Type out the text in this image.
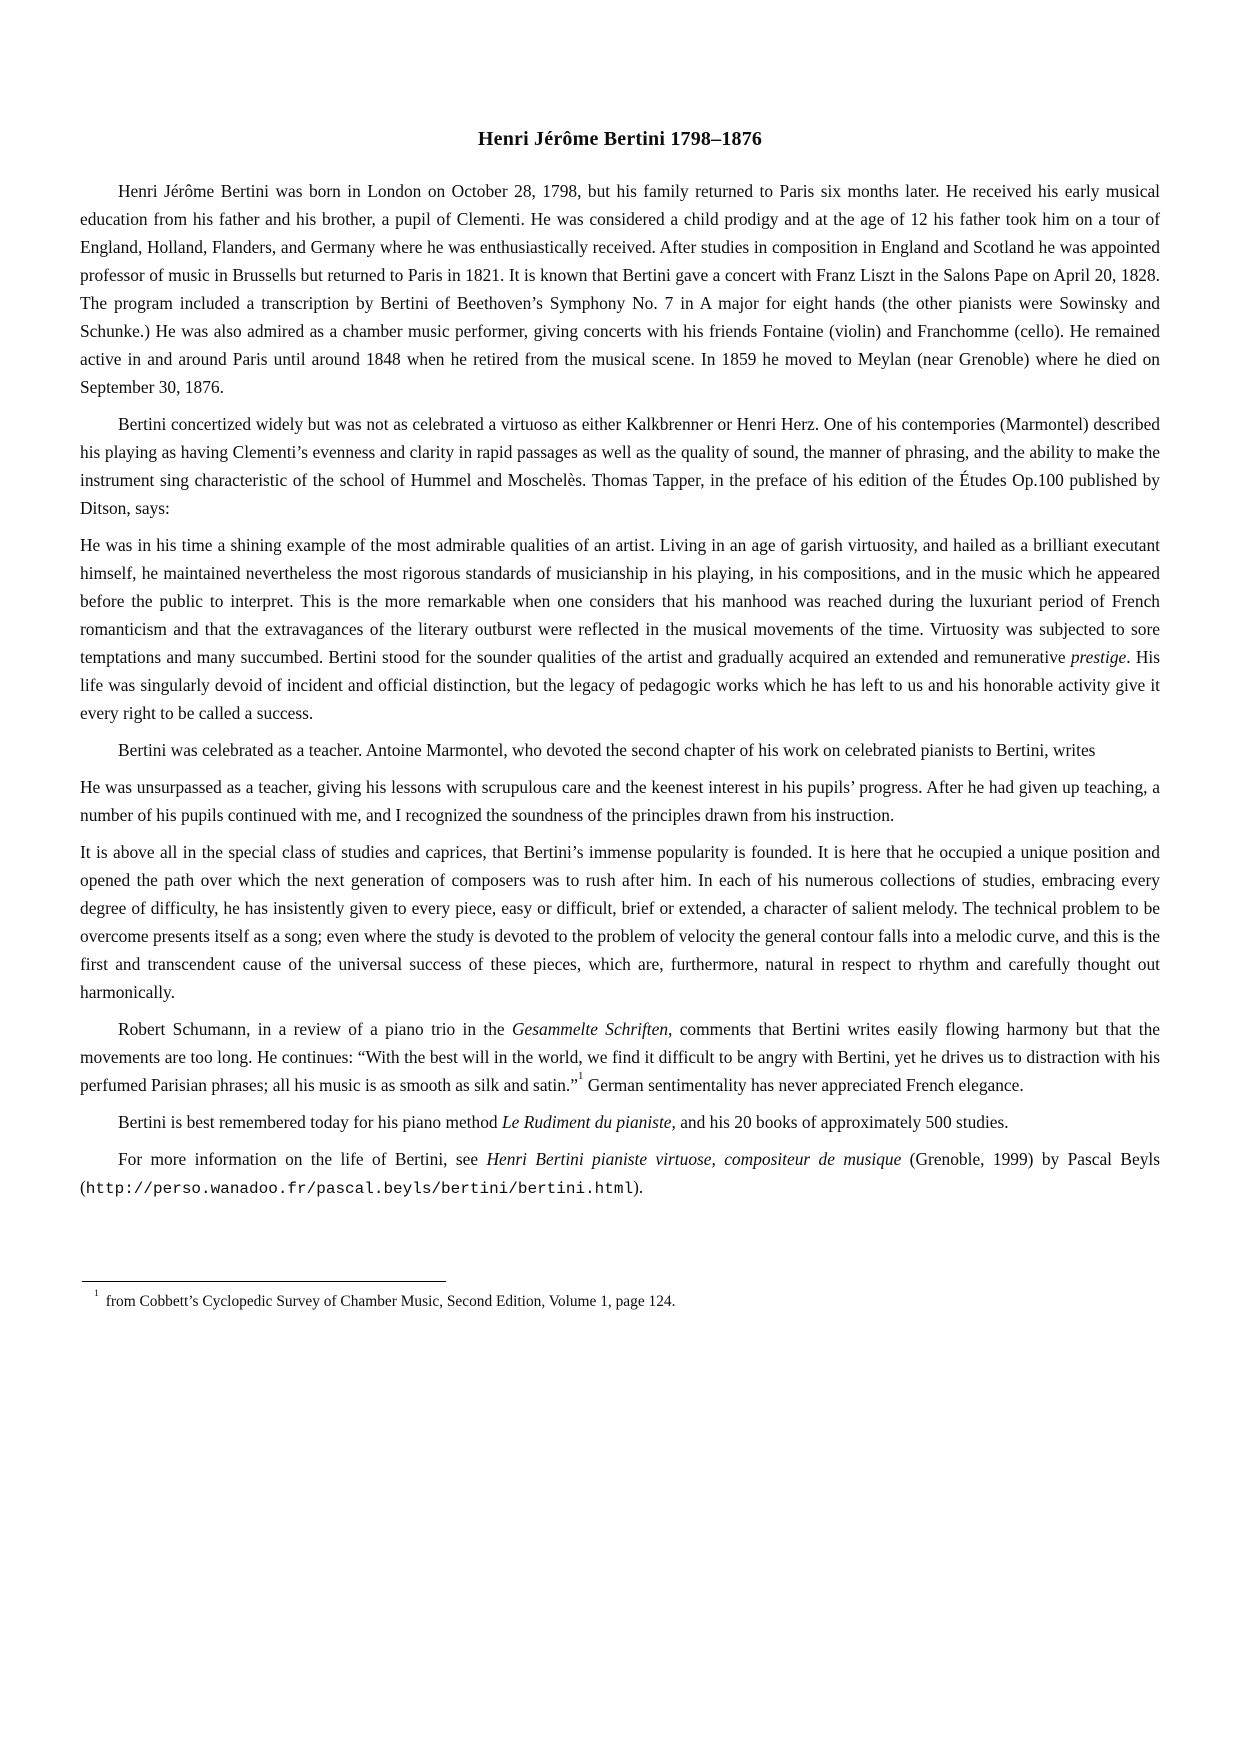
Henri Jérôme Bertini 1798–1876

Henri Jérôme Bertini was born in London on October 28, 1798, but his family returned to Paris six months later. He received his early musical education from his father and his brother, a pupil of Clementi. He was considered a child prodigy and at the age of 12 his father took him on a tour of England, Holland, Flanders, and Germany where he was enthusiastically received. After studies in composition in England and Scotland he was appointed professor of music in Brussells but returned to Paris in 1821. It is known that Bertini gave a concert with Franz Liszt in the Salons Pape on April 20, 1828. The program included a transcription by Bertini of Beethoven’s Symphony No. 7 in A major for eight hands (the other pianists were Sowinsky and Schunke.) He was also admired as a chamber music performer, giving concerts with his friends Fontaine (violin) and Franchomme (cello). He remained active in and around Paris until around 1848 when he retired from the musical scene. In 1859 he moved to Meylan (near Grenoble) where he died on September 30, 1876.

Bertini concertized widely but was not as celebrated a virtuoso as either Kalkbrenner or Henri Herz. One of his contempories (Marmontel) described his playing as having Clementi’s evenness and clarity in rapid passages as well as the quality of sound, the manner of phrasing, and the ability to make the instrument sing characteristic of the school of Hummel and Moschelès. Thomas Tapper, in the preface of his edition of the Études Op.100 published by Ditson, says:

He was in his time a shining example of the most admirable qualities of an artist. Living in an age of garish virtuosity, and hailed as a brilliant executant himself, he maintained nevertheless the most rigorous standards of musicianship in his playing, in his compositions, and in the music which he appeared before the public to interpret. This is the more remarkable when one considers that his manhood was reached during the luxuriant period of French romanticism and that the extravagances of the literary outburst were reflected in the musical movements of the time. Virtuosity was subjected to sore temptations and many succumbed. Bertini stood for the sounder qualities of the artist and gradually acquired an extended and remunerative prestige. His life was singularly devoid of incident and official distinction, but the legacy of pedagogic works which he has left to us and his honorable activity give it every right to be called a success.

Bertini was celebrated as a teacher. Antoine Marmontel, who devoted the second chapter of his work on celebrated pianists to Bertini, writes

He was unsurpassed as a teacher, giving his lessons with scrupulous care and the keenest interest in his pupils’ progress. After he had given up teaching, a number of his pupils continued with me, and I recognized the soundness of the principles drawn from his instruction.
It is above all in the special class of studies and caprices, that Bertini’s immense popularity is founded. It is here that he occupied a unique position and opened the path over which the next generation of composers was to rush after him. In each of his numerous collections of studies, embracing every degree of difficulty, he has insistently given to every piece, easy or difficult, brief or extended, a character of salient melody. The technical problem to be overcome presents itself as a song; even where the study is devoted to the problem of velocity the general contour falls into a melodic curve, and this is the first and transcendent cause of the universal success of these pieces, which are, furthermore, natural in respect to rhythm and carefully thought out harmonically.

Robert Schumann, in a review of a piano trio in the Gesammelte Schriften, comments that Bertini writes easily flowing harmony but that the movements are too long. He continues: “With the best will in the world, we find it difficult to be angry with Bertini, yet he drives us to distraction with his perfumed Parisian phrases; all his music is as smooth as silk and satin.”$^1$ German sentimentality has never appreciated French elegance.

Bertini is best remembered today for his piano method Le Rudiment du pianiste, and his 20 books of approximately 500 studies.

For more information on the life of Bertini, see Henri Bertini pianiste virtuose, compositeur de musique (Grenoble, 1999) by Pascal Beyls (http://perso.wanadoo.fr/pascal.beyls/bertini/bertini.html).

$^1$ from Cobbett’s Cyclopedic Survey of Chamber Music, Second Edition, Volume 1, page 124.
